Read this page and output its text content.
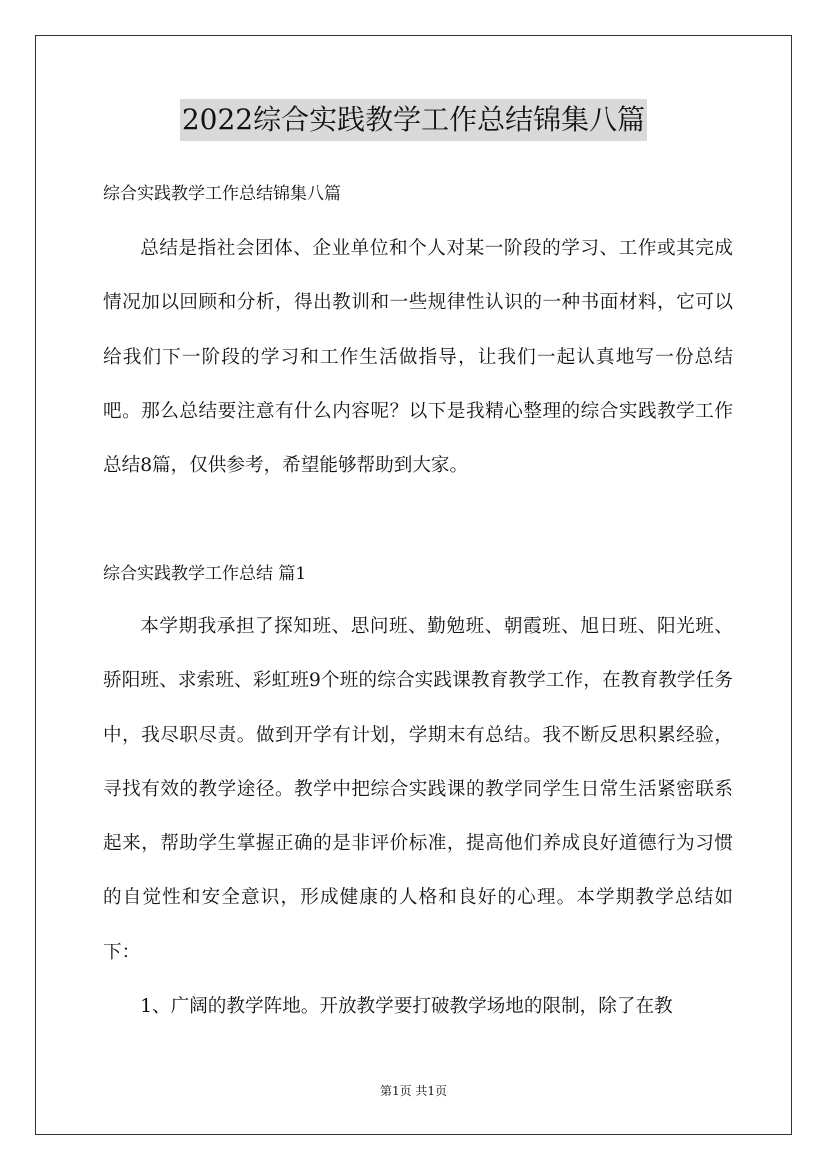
2022综合实践教学工作总结锦集八篇
综合实践教学工作总结锦集八篇

总结是指社会团体、企业单位和个人对某一阶段的学习、工作或其完成情况加以回顾和分析，得出教训和一些规律性认识的一种书面材料，它可以给我们下一阶段的学习和工作生活做指导，让我们一起认真地写一份总结吧。那么总结要注意有什么内容呢？以下是我精心整理的综合实践教学工作总结8篇，仅供参考，希望能够帮助到大家。

综合实践教学工作总结 篇1

本学期我承担了探知班、思问班、勤勉班、朝霞班、旭日班、阳光班、骄阳班、求索班、彩虹班9个班的综合实践课教育教学工作，在教育教学任务中，我尽职尽责。做到开学有计划，学期末有总结。我不断反思积累经验，寻找有效的教学途径。教学中把综合实践课的教学同学生日常生活紧密联系起来，帮助学生掌握正确的是非评价标准，提高他们养成良好道德行为习惯的自觉性和安全意识，形成健康的人格和良好的心理。本学期教学总结如下：

1、广阔的教学阵地。开放教学要打破教学场地的限制，除了在教

第1页 共1页
